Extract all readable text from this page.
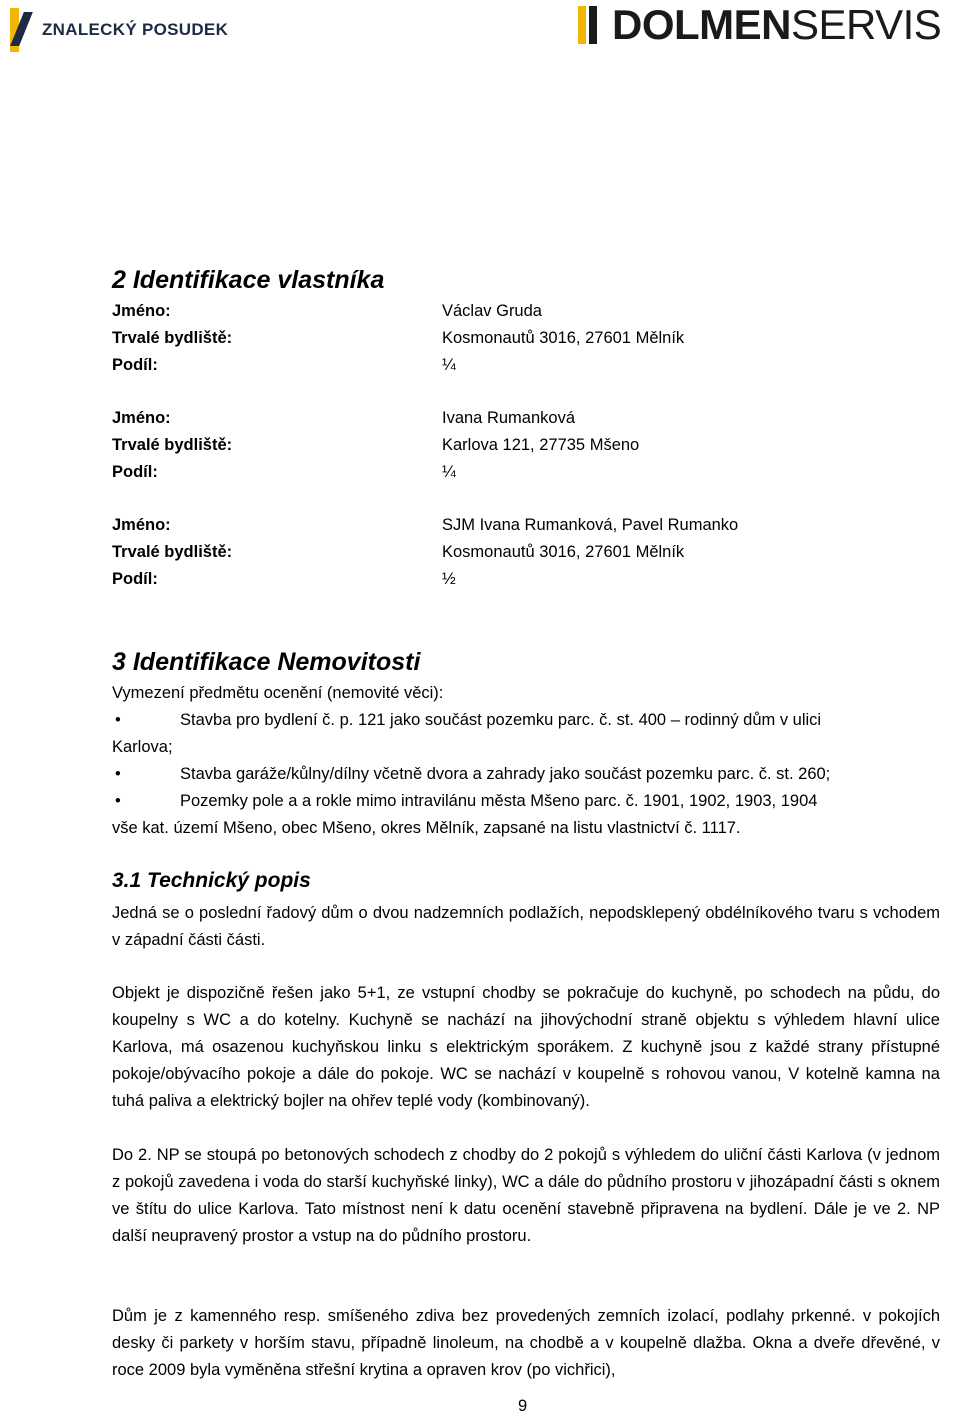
ZNALECKÝ POSUDEK	DOLMEN SERVIS
2 Identifikace vlastníka
Jméno:	Václav Gruda
Trvalé bydliště:	Kosmonautů 3016, 27601 Mělník
Podíl:	¼
Jméno:	Ivana Rumanková
Trvalé bydliště:	Karlova 121, 27735 Mšeno
Podíl:	¼
Jméno:	SJM Ivana Rumanková, Pavel Rumanko
Trvalé bydliště:	Kosmonautů 3016, 27601 Mělník
Podíl:	½
3 Identifikace Nemovitosti
Vymezení předmětu ocenění (nemovité věci):
•	Stavba pro bydlení č. p. 121 jako součást pozemku parc. č. st. 400 – rodinný dům v ulici
Karlova;
•	Stavba garáže/kůlny/dílny včetně dvora a zahrady jako součást pozemku parc. č. st. 260;
•	Pozemky pole a a rokle mimo intravilánu města Mšeno parc. č. 1901, 1902, 1903, 1904
vše kat. území Mšeno, obec Mšeno, okres Mělník, zapsané na listu vlastnictví č. 1117.
3.1 Technický popis

Jedná se o poslední řadový dům o dvou nadzemních podlažích, nepodsklepený obdélníkového tvaru s vchodem v západní části části.

Objekt je dispozičně řešen jako 5+1, ze vstupní chodby se pokračuje do kuchyně, po schodech na půdu, do koupelny s WC a do kotelny. Kuchyně se nachází na jihovýchodní straně objektu s výhledem hlavní ulice Karlova, má osazenou kuchyňskou linku s elektrickým sporákem. Z kuchyně jsou z každé strany přístupné pokoje/obývacího pokoje a dále do pokoje. WC se nachází v koupelně s rohovou vanou, V kotelně kamna na tuhá paliva a elektrický bojler na ohřev teplé vody (kombinovaný).

Do 2. NP se stoupá po betonových schodech z chodby do 2 pokojů s výhledem do uliční části Karlova (v jednom z pokojů zavedena i voda do starší kuchyňské linky), WC a dále do půdního prostoru v jihozápadní části s oknem ve štítu do ulice Karlova. Tato místnost není k datu ocenění stavebně připravena na bydlení. Dále je ve 2. NP další neupravený prostor a vstup na do půdního prostoru.

Dům je z kamenného resp. smíšeného zdiva bez provedených zemních izolací, podlahy prkenné. v pokojích desky či parkety v horším stavu, případně linoleum, na chodbě a v koupelně dlažba. Okna a dveře dřevěné, v roce 2009 byla vyměněna střešní krytina a opraven krov (po vichřici),

9
